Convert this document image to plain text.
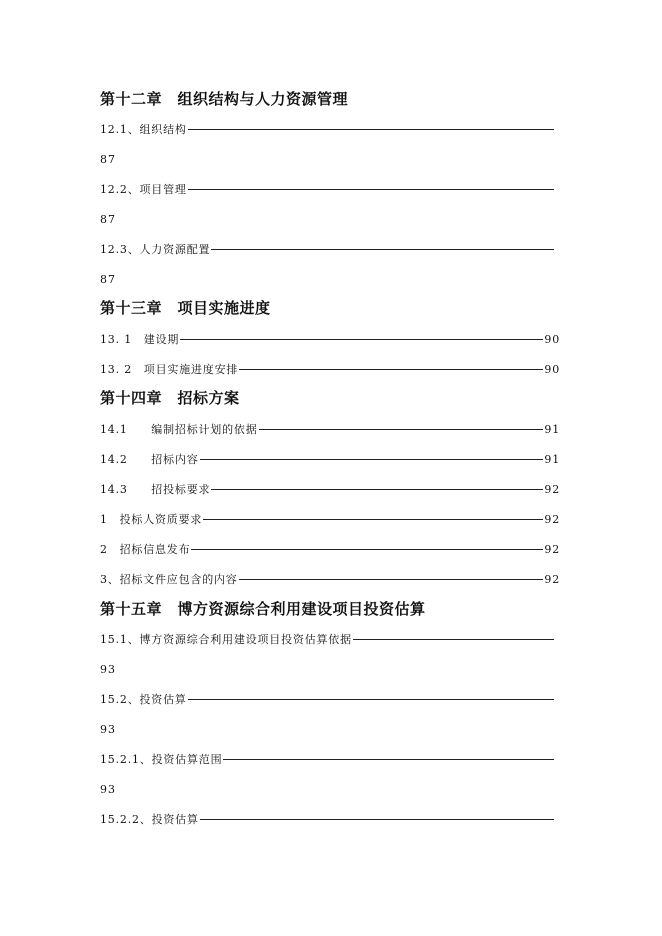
第十二章　组织结构与人力资源管理
12.1、组织结构
87
12.2、项目管理
87
12.3、人力资源配置
87
第十三章　项目实施进度
13. 1　建设期	90
13. 2　项目实施进度安排	90
第十四章　招标方案
14.1　　编制招标计划的依据	91
14.2　　招标内容	91
14.3　　招投标要求	92
1　投标人资质要求	92
2　招标信息发布	92
3、招标文件应包含的内容	92
第十五章　博方资源综合利用建设项目投资估算
15.1、博方资源综合利用建设项目投资估算依据
93
15.2、投资估算
93
15.2.1、投资估算范围
93
15.2.2、投资估算
